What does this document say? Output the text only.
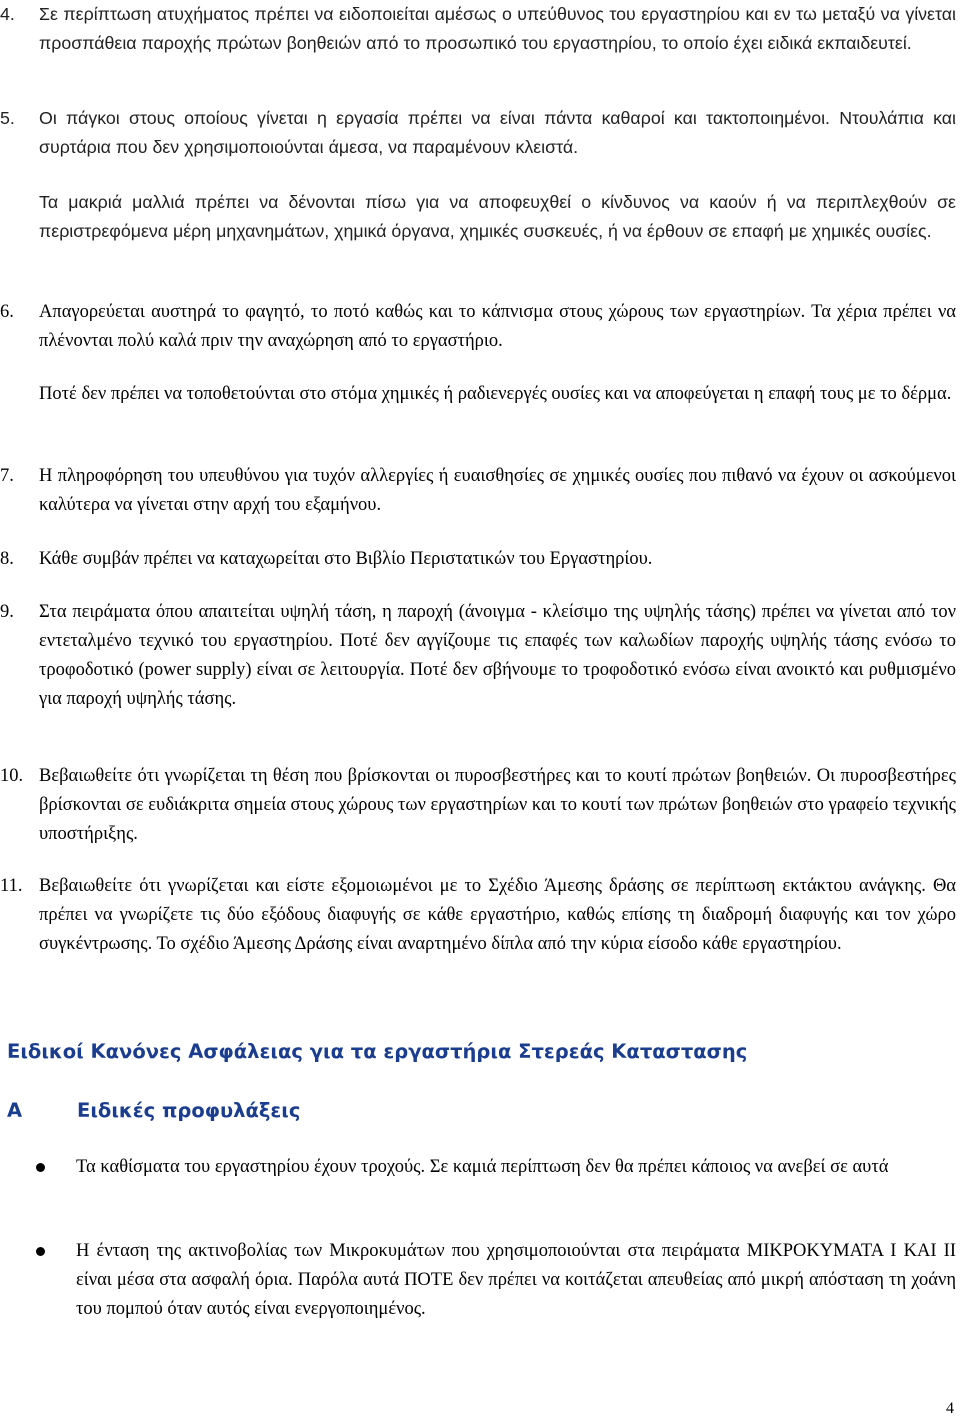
4.	Σε περίπτωση ατυχήματος πρέπει να ειδοποιείται αμέσως ο υπεύθυνος του εργαστηρίου και εν τω μεταξύ να γίνεται προσπάθεια παροχής πρώτων βοηθειών από το προσωπικό του εργαστηρίου, το οποίο έχει ειδικά εκπαιδευτεί.
5.	Οι πάγκοι στους οποίους γίνεται η εργασία πρέπει να είναι πάντα καθαροί και τακτοποιημένοι. Ντουλάπια και συρτάρια που δεν χρησιμοποιούνται άμεσα, να παραμένουν κλειστά.
Τα μακριά μαλλιά πρέπει να δένονται πίσω για να αποφευχθεί ο κίνδυνος να καούν ή να περιπλεχθούν σε περιστρεφόμενα μέρη μηχανημάτων, χημικά όργανα, χημικές συσκευές, ή να έρθουν σε επαφή με χημικές ουσίες.
6.	Απαγορεύεται αυστηρά το φαγητό, το ποτό καθώς και το κάπνισμα στους χώρους των εργαστηρίων. Τα χέρια πρέπει να πλένονται πολύ καλά πριν την αναχώρηση από το εργαστήριο.
Ποτέ δεν πρέπει να τοποθετούνται στο στόμα χημικές ή ραδιενεργές ουσίες και να αποφεύγεται η επαφή τους με το δέρμα.
7.	Η πληροφόρηση του υπευθύνου για τυχόν αλλεργίες ή ευαισθησίες σε χημικές ουσίες που πιθανό να έχουν οι ασκούμενοι καλύτερα να γίνεται στην αρχή του εξαμήνου.
8.	Κάθε συμβάν πρέπει να καταχωρείται στο Βιβλίο Περιστατικών του Εργαστηρίου.
9.	Στα πειράματα όπου απαιτείται υψηλή τάση, η παροχή (άνοιγμα - κλείσιμο της υψηλής τάσης) πρέπει να γίνεται από τον εντεταλμένο τεχνικό του εργαστηρίου. Ποτέ δεν αγγίζουμε τις επαφές των καλωδίων παροχής υψηλής τάσης ενόσω το τροφοδοτικό (power supply) είναι σε λειτουργία. Ποτέ δεν σβήνουμε το τροφοδοτικό ενόσω είναι ανοικτό και ρυθμισμένο για παροχή υψηλής τάσης.
10. Βεβαιωθείτε ότι γνωρίζεται τη θέση που βρίσκονται οι πυροσβεστήρες και το κουτί πρώτων βοηθειών. Οι πυροσβεστήρες βρίσκονται σε ευδιάκριτα σημεία στους χώρους των εργαστηρίων και το κουτί των πρώτων βοηθειών στο γραφείο τεχνικής υποστήριξης.
11. Βεβαιωθείτε ότι γνωρίζεται και είστε εξομοιωμένοι με το Σχέδιο Άμεσης δράσης σε περίπτωση εκτάκτου ανάγκης. Θα πρέπει να γνωρίζετε τις δύο εξόδους διαφυγής σε κάθε εργαστήριο, καθώς επίσης τη διαδρομή διαφυγής και τον χώρο συγκέντρωσης. Το σχέδιο Άμεσης Δράσης είναι αναρτημένο δίπλα από την κύρια είσοδο κάθε εργαστηρίου.
Ειδικοί Κανόνες Ασφάλειας για τα εργαστήρια Στερεάς Καταστασης
Α	Ειδικές προφυλάξεις
Τα καθίσματα του εργαστηρίου έχουν τροχούς. Σε καμιά περίπτωση δεν θα πρέπει κάποιος να ανεβεί σε αυτά
Η ένταση της ακτινοβολίας των Μικροκυμάτων που χρησιμοποιούνται στα πειράματα ΜΙΚΡΟΚΥΜΑΤΑ Ι ΚΑΙ ΙΙ είναι μέσα στα ασφαλή όρια. Παρόλα αυτά ΠΟΤΕ δεν πρέπει να κοιτάζεται απευθείας από μικρή απόσταση τη χοάνη του πομπού όταν αυτός είναι ενεργοποιημένος.
4
